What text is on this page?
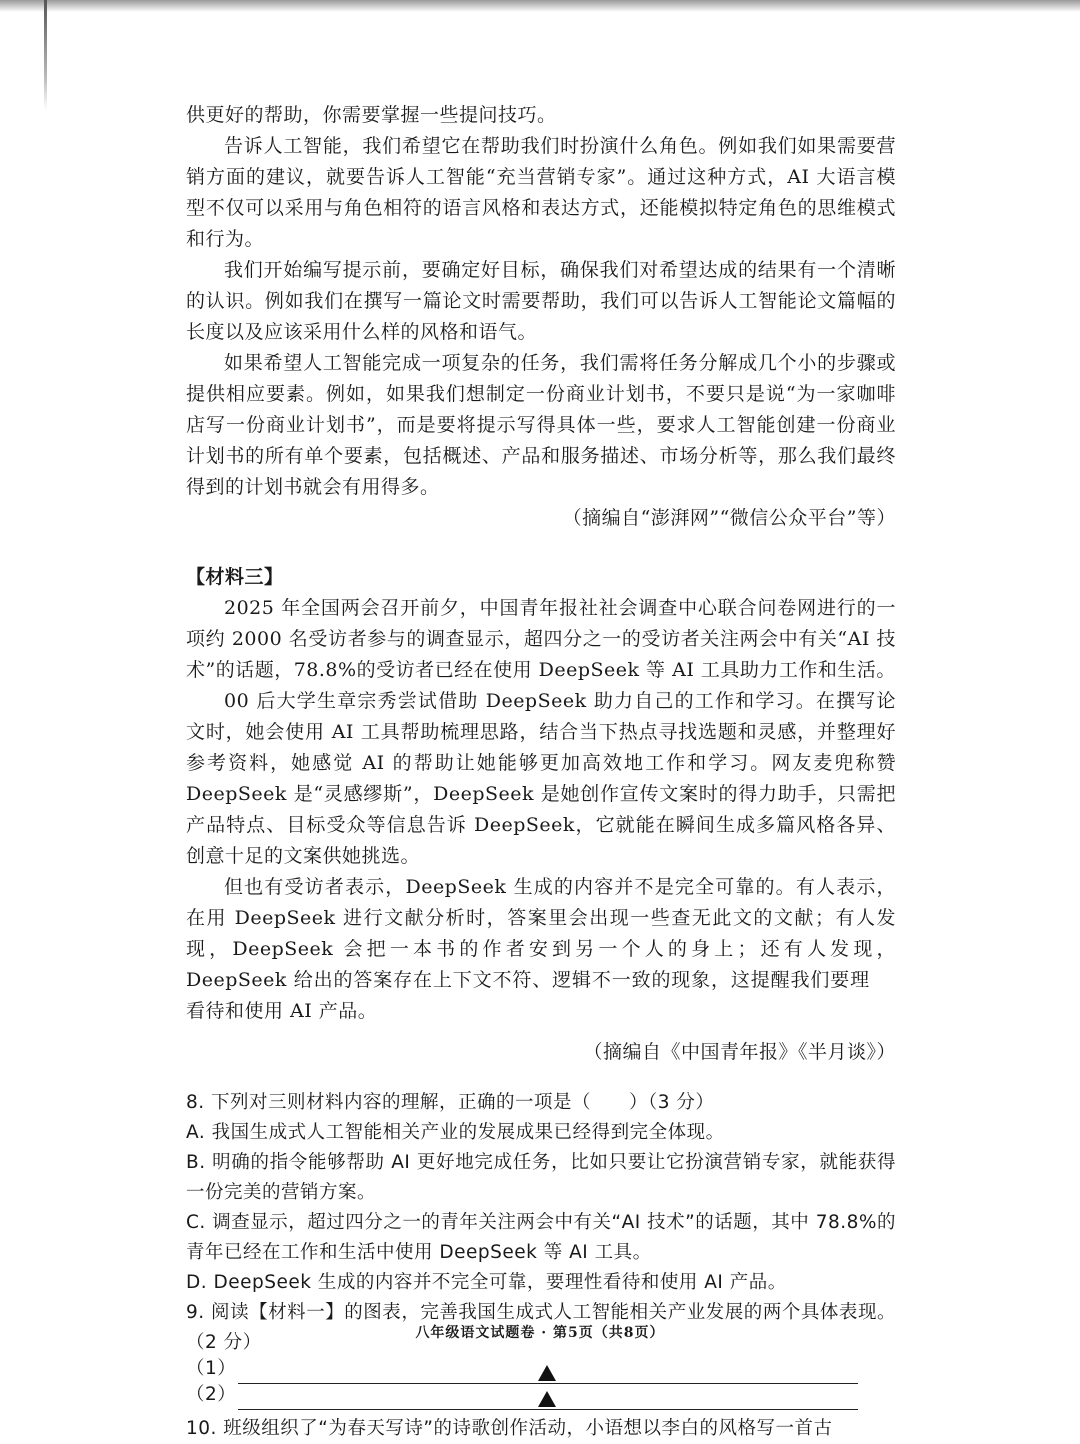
供更好的帮助，你需要掌握一些提问技巧。

告诉人工智能，我们希望它在帮助我们时扮演什么角色。例如我们如果需要营销方面的建议，就要告诉人工智能“充当营销专家”。通过这种方式，AI 大语言模型不仅可以采用与角色相符的语言风格和表达方式，还能模拟特定角色的思维模式和行为。

我们开始编写提示前，要确定好目标，确保我们对希望达成的结果有一个清晰的认识。例如我们在撰写一篇论文时需要帮助，我们可以告诉人工智能论文篇幅的长度以及应该采用什么样的风格和语气。

如果希望人工智能完成一项复杂的任务，我们需将任务分解成几个小的步骤或提供相应要素。例如，如果我们想制定一份商业计划书，不要只是说“为一家咖啡店写一份商业计划书”，而是要将提示写得具体一些，要求人工智能创建一份商业计划书的所有单个要素，包括概述、产品和服务描述、市场分析等，那么我们最终得到的计划书就会有用得多。

（摘编自“澎湃网”“微信公众平台”等）

【材料三】

2025 年全国两会召开前夕，中国青年报社社会调查中心联合问卷网进行的一项约 2000 名受访者参与的调查显示，超四分之一的受访者关注两会中有关“AI 技术”的话题，78.8%的受访者已经在使用 DeepSeek 等 AI 工具助力工作和生活。

00 后大学生章宗秀尝试借助 DeepSeek 助力自己的工作和学习。在撰写论文时，她会使用 AI 工具帮助梳理思路，结合当下热点寻找选题和灵感，并整理好参考资料，她感觉 AI 的帮助让她能够更加高效地工作和学习。网友麦兜称赞 DeepSeek 是“灵感缪斯”，DeepSeek 是她创作宣传文案时的得力助手，只需把产品特点、目标受众等信息告诉 DeepSeek，它就能在瞬间生成多篇风格各异、创意十足的文案供她挑选。

但也有受访者表示，DeepSeek 生成的内容并不是完全可靠的。有人表示，在用 DeepSeek 进行文献分析时，答案里会出现一些查无此文的文献；有人发现，DeepSeek 会把一本书的作者安到另一个人的身上；还有人发现，DeepSeek 给出的答案存在上下文不符、逻辑不一致的现象，这提醒我们要理看待和使用 AI 产品。

（摘编自《中国青年报》《半月谈》）

8. 下列对三则材料内容的理解，正确的一项是（　　）（3 分）

A. 我国生成式人工智能相关产业的发展成果已经得到完全体现。

B. 明确的指令能够帮助 AI 更好地完成任务，比如只要让它扮演营销专家，就能获得一份完美的营销方案。

C. 调查显示，超过四分之一的青年关注两会中有关“AI 技术”的话题，其中 78.8%的青年已经在工作和生活中使用 DeepSeek 等 AI 工具。

D. DeepSeek 生成的内容并不完全可靠，要理性看待和使用 AI 产品。

9. 阅读【材料一】的图表，完善我国生成式人工智能相关产业发展的两个具体表现。（2 分）

（1）
（2）

10. 班级组织了“为春天写诗”的诗歌创作活动，小语想以李白的风格写一首古

八年级语文试题卷 · 第5页（共8页）
